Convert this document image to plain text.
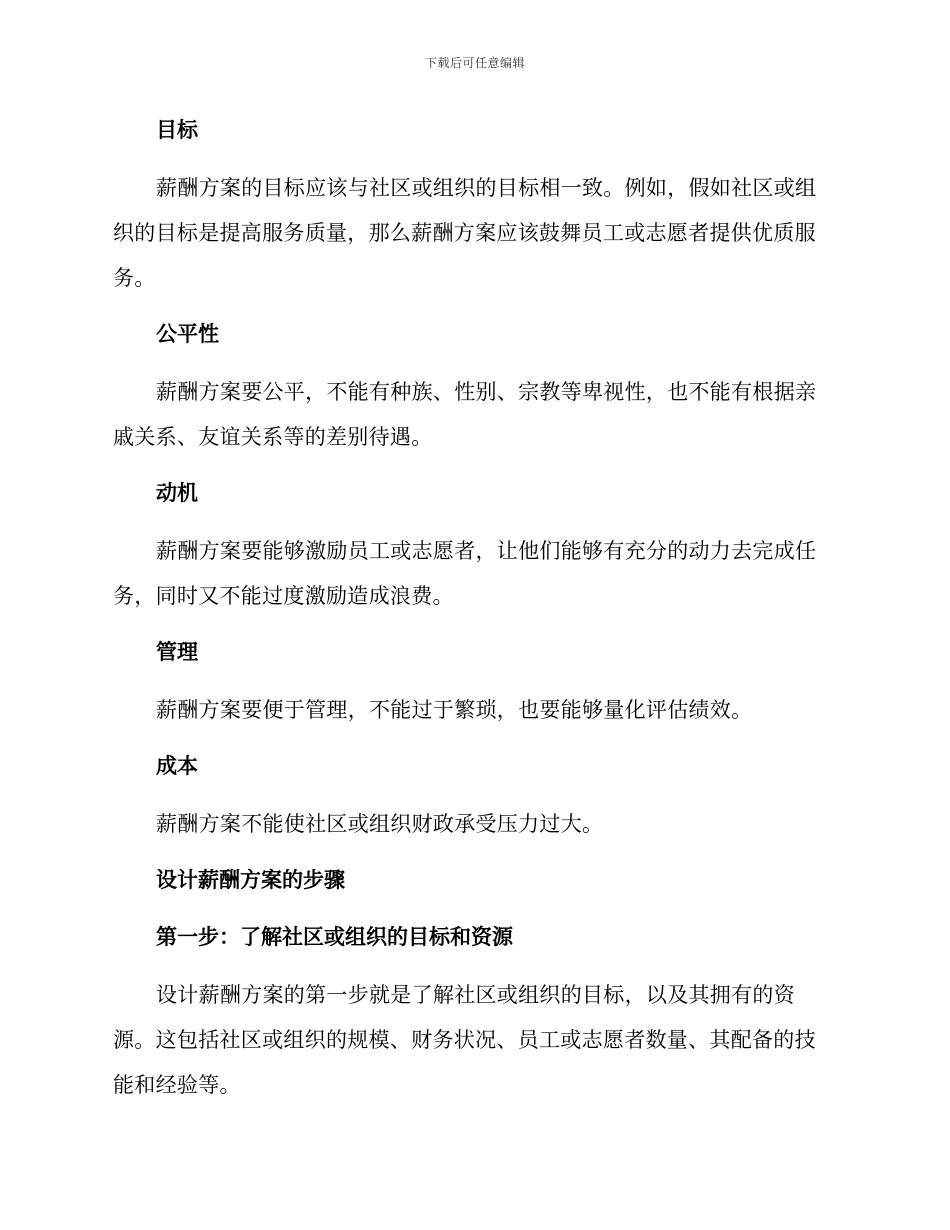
下载后可任意编辑
目标
薪酬方案的目标应该与社区或组织的目标相一致。例如，假如社区或组织的目标是提高服务质量，那么薪酬方案应该鼓舞员工或志愿者提供优质服务。
公平性
薪酬方案要公平，不能有种族、性别、宗教等卑视性，也不能有根据亲戚关系、友谊关系等的差别待遇。
动机
薪酬方案要能够激励员工或志愿者，让他们能够有充分的动力去完成任务，同时又不能过度激励造成浪费。
管理
薪酬方案要便于管理，不能过于繁琐，也要能够量化评估绩效。
成本
薪酬方案不能使社区或组织财政承受压力过大。
设计薪酬方案的步骤
第一步：了解社区或组织的目标和资源
设计薪酬方案的第一步就是了解社区或组织的目标，以及其拥有的资源。这包括社区或组织的规模、财务状况、员工或志愿者数量、其配备的技能和经验等。
